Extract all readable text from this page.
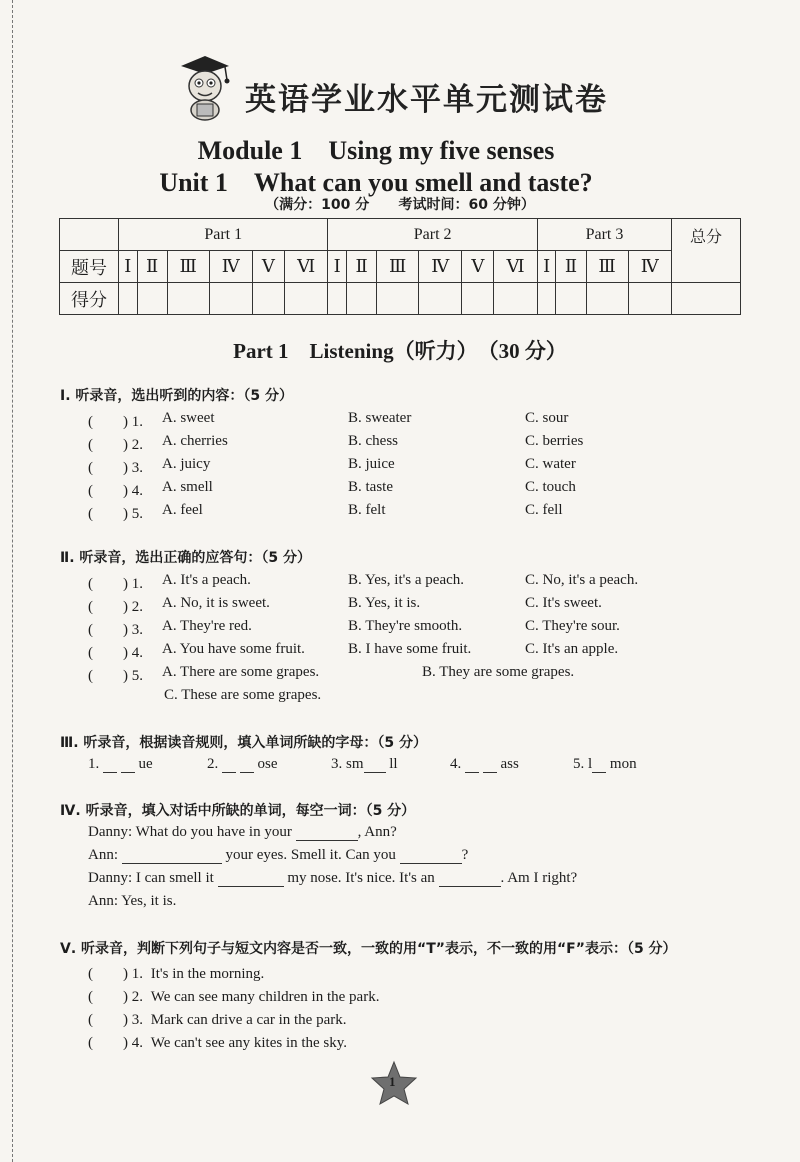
英语学业水平单元测试卷
Module 1　Using my five senses
Unit 1　What can you smell and taste?
（满分：100 分 考试时间：60 分钟）
	Part 1						Part 2						Part 3				总分
题号	Ⅰ	Ⅱ	Ⅲ	Ⅳ	Ⅴ	Ⅵ	Ⅰ	Ⅱ	Ⅲ	Ⅳ	Ⅴ	Ⅵ	Ⅰ	Ⅱ	Ⅲ	Ⅳ	
得分																	
Part 1　Listening（听力）（30 分）
Ⅰ. 听录音，选出听到的内容：（5 分）
(　　) 1. A. sweet	B. sweater	C. sour
(　　) 2. A. cherries	B. chess	C. berries
(　　) 3. A. juicy	B. juice	C. water
(　　) 4. A. smell	B. taste	C. touch
(　　) 5. A. feel	B. felt	C. fell
Ⅱ. 听录音，选出正确的应答句：（5 分）
(　　) 1. A. It's a peach.	B. Yes, it's a peach.	C. No, it's a peach.
(　　) 2. A. No, it is sweet.	B. Yes, it is.	C. It's sweet.
(　　) 3. A. They're red.	B. They're smooth.	C. They're sour.
(　　) 4. A. You have some fruit.	B. I have some fruit.	C. It's an apple.
(　　) 5. A. There are some grapes.	B. They are some grapes.
C. These are some grapes.
Ⅲ. 听录音，根据读音规则，填入单词所缺的字母：（5 分）
1.   ue	2.   ose	3. sm ll	4.   ass	5. l mon
Ⅳ. 听录音，填入对话中所缺的单词，每空一词：（5 分）
Danny: What do you have in your	, Ann?
Ann:	your eyes. Smell it. Can you	?
Danny: I can smell it	my nose. It's nice. It's an	. Am I right?
Ann: Yes, it is.
Ⅴ. 听录音，判断下列句子与短文内容是否一致，一致的用“T”表示，不一致的用“F”表示：（5 分）
(　　) 1. It's in the morning.
(　　) 2. We can see many children in the park.
(　　) 3. Mark can drive a car in the park.
(　　) 4. We can't see any kites in the sky.
1
